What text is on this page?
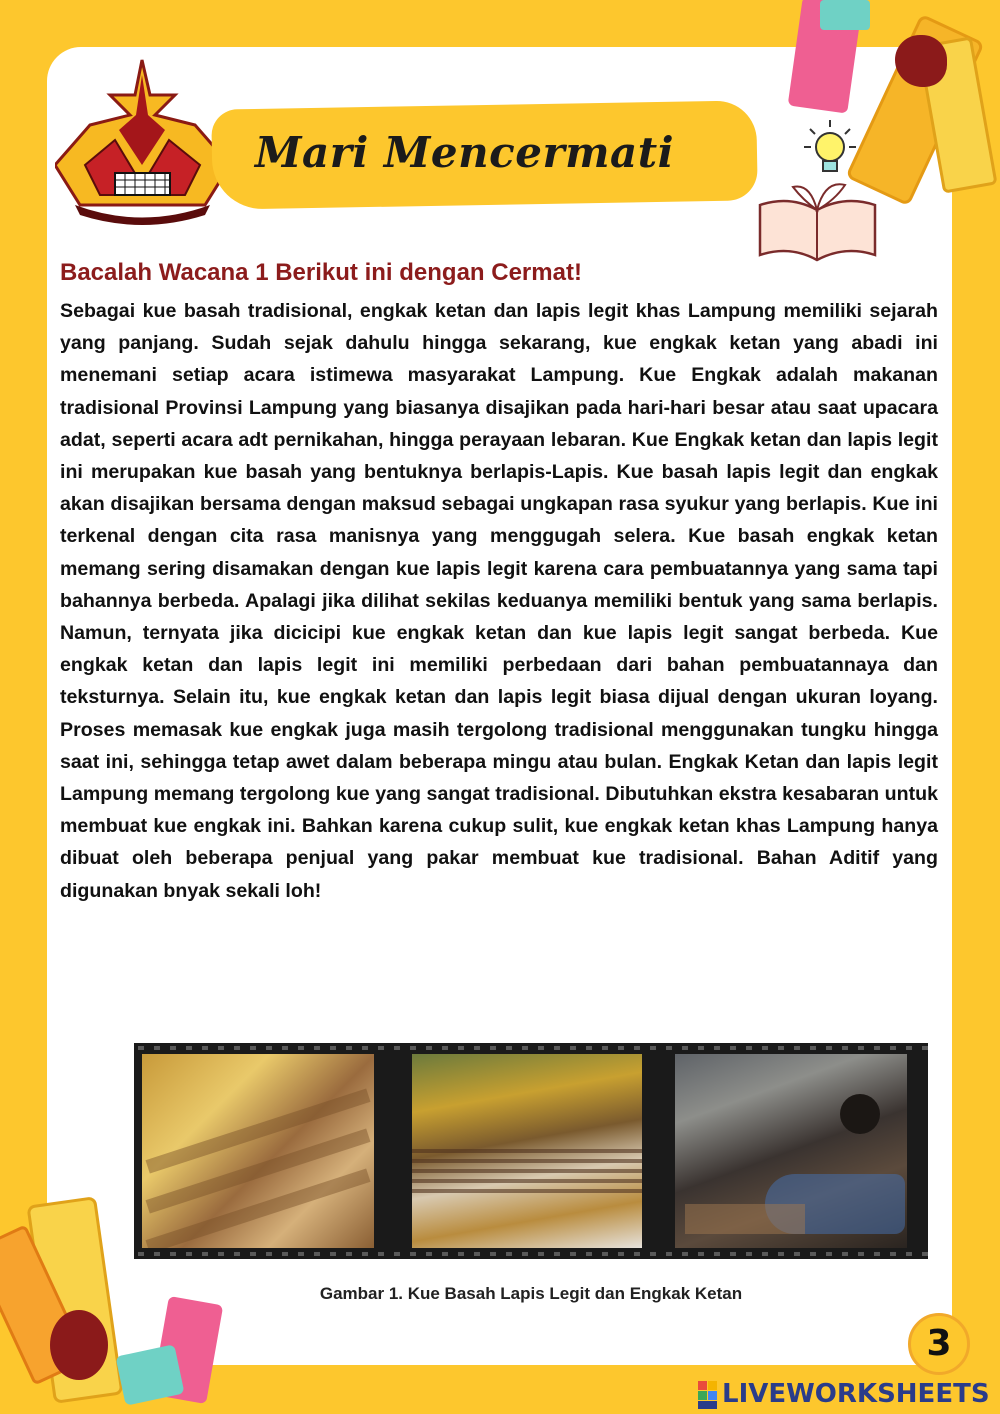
Mari Mencermati
Bacalah Wacana 1 Berikut ini dengan Cermat!
Sebagai kue basah tradisional, engkak ketan dan lapis legit khas Lampung memiliki sejarah yang panjang. Sudah sejak dahulu hingga sekarang, kue engkak ketan yang abadi ini menemani setiap acara istimewa masyarakat Lampung. Kue Engkak adalah makanan tradisional Provinsi Lampung yang biasanya disajikan pada hari-hari besar atau saat upacara adat, seperti acara adt pernikahan, hingga perayaan lebaran. Kue Engkak ketan dan lapis legit ini merupakan kue basah yang bentuknya berlapis-Lapis. Kue basah lapis legit dan engkak akan disajikan bersama dengan maksud sebagai ungkapan rasa syukur yang berlapis. Kue ini terkenal dengan cita rasa manisnya yang menggugah selera. Kue basah engkak ketan memang sering disamakan dengan kue lapis legit karena cara pembuatannya yang sama tapi bahannya berbeda. Apalagi jika dilihat sekilas keduanya memiliki bentuk yang sama berlapis. Namun, ternyata jika dicicipi kue engkak ketan dan kue lapis legit sangat berbeda. Kue engkak ketan dan lapis legit ini memiliki perbedaan dari bahan pembuatannaya dan teksturnya. Selain itu, kue engkak ketan dan lapis legit biasa dijual dengan ukuran loyang. Proses memasak kue engkak juga masih tergolong tradisional menggunakan tungku hingga saat ini, sehingga tetap awet dalam beberapa mingu atau bulan. Engkak Ketan dan lapis legit Lampung memang tergolong kue yang sangat tradisional. Dibutuhkan ekstra kesabaran untuk membuat kue engkak ini. Bahkan karena cukup sulit, kue engkak ketan khas Lampung hanya dibuat oleh beberapa penjual yang pakar membuat kue tradisional. Bahan Aditif yang digunakan bnyak sekali loh!
Gambar 1. Kue Basah Lapis Legit dan Engkak Ketan
3
LIVEWORKSHEETS
